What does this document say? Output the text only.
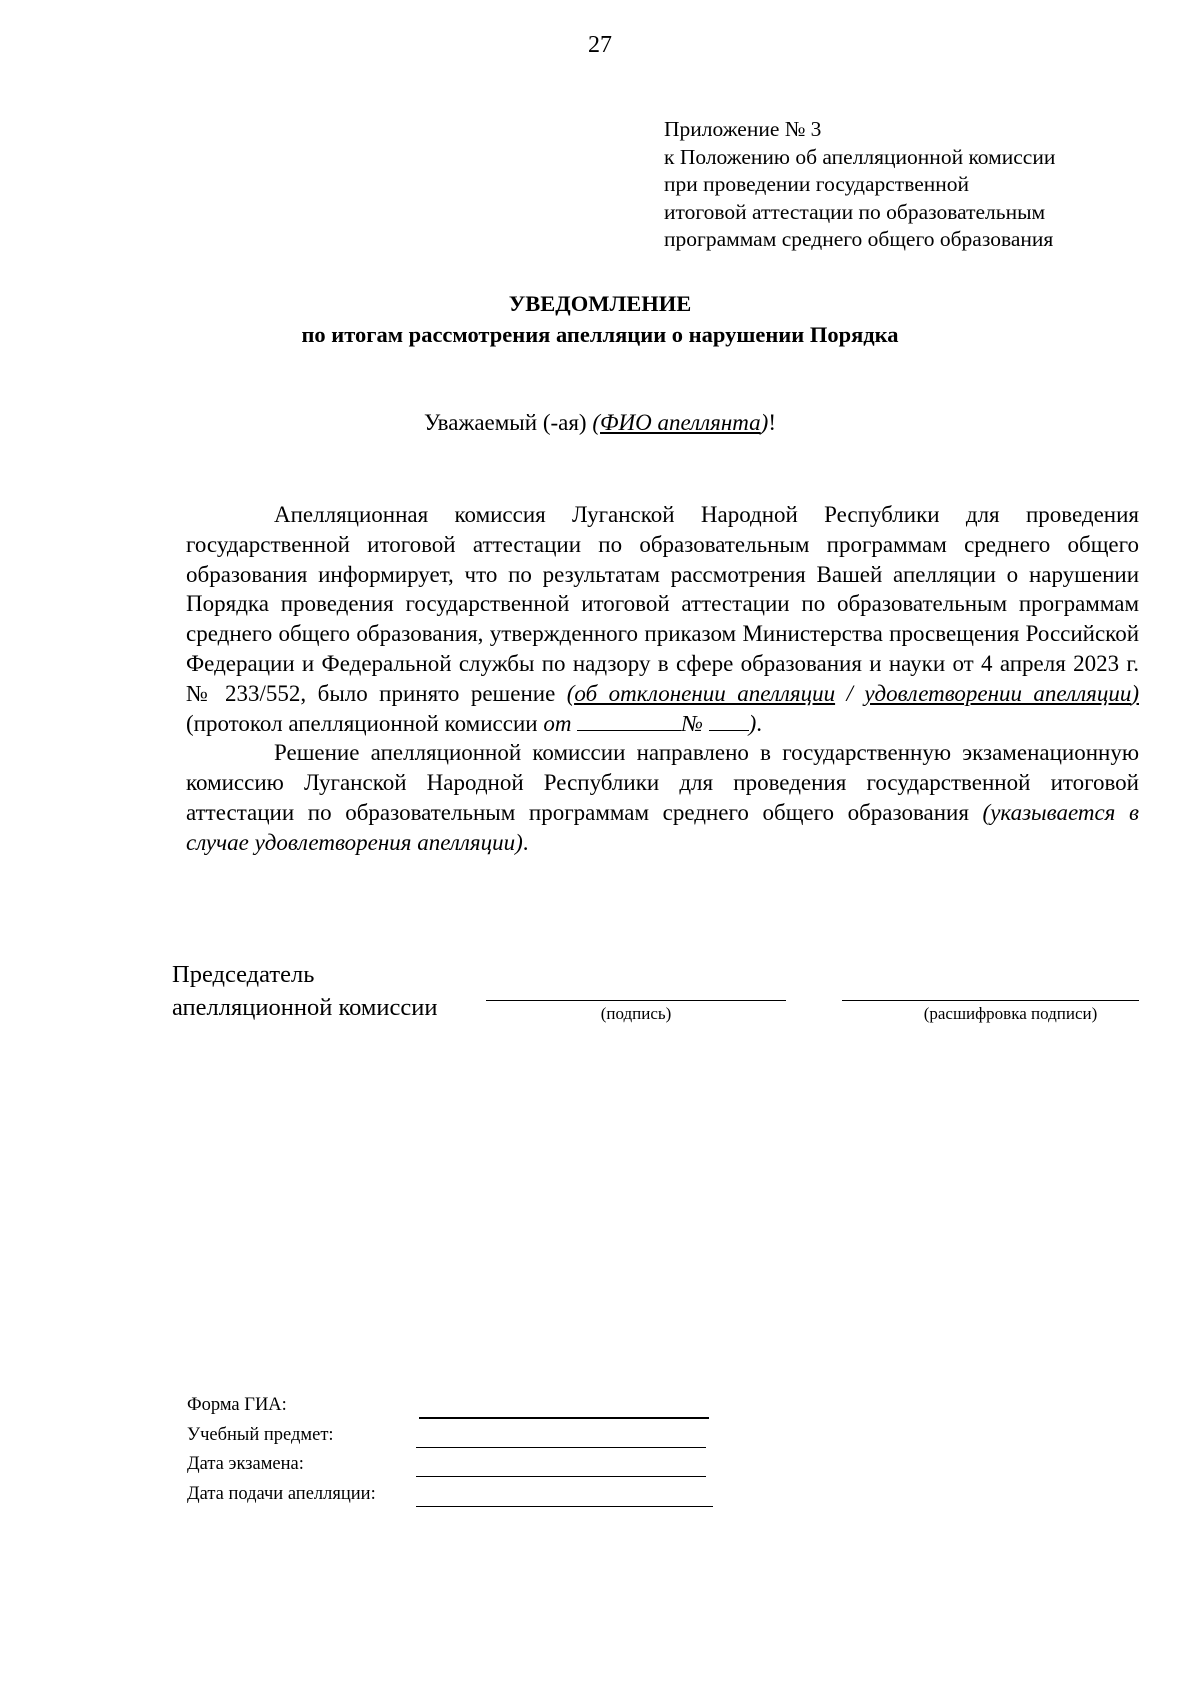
27
Приложение № 3
к Положению об апелляционной комиссии
при проведении государственной
итоговой аттестации по образовательным
программам среднего общего образования
УВЕДОМЛЕНИЕ
по итогам рассмотрения апелляции о нарушении Порядка
Уважаемый (-ая) (ФИО апеллянта)!

Апелляционная комиссия Луганской Народной Республики для проведения государственной итоговой аттестации по образовательным программам среднего общего образования информирует, что по результатам рассмотрения Вашей апелляции о нарушении Порядка проведения государственной итоговой аттестации по образовательным программам среднего общего образования, утвержденного приказом Министерства просвещения Российской Федерации и Федеральной службы по надзору в сфере образования и науки от 4 апреля 2023 г. № 233/552, было принято решение (об отклонении апелляции / удовлетворении апелляции) (протокол апелляционной комиссии от	№ ).

Решение апелляционной комиссии направлено в государственную экзаменационную комиссию Луганской Народной Республики для проведения государственной итоговой аттестации по образовательным программам среднего общего образования (указывается в случае удовлетворения апелляции).

Председатель
апелляционной комиссии	(подпись)	(расшифровка подписи)
Форма ГИА:
Учебный предмет:
Дата экзамена:
Дата подачи апелляции:
